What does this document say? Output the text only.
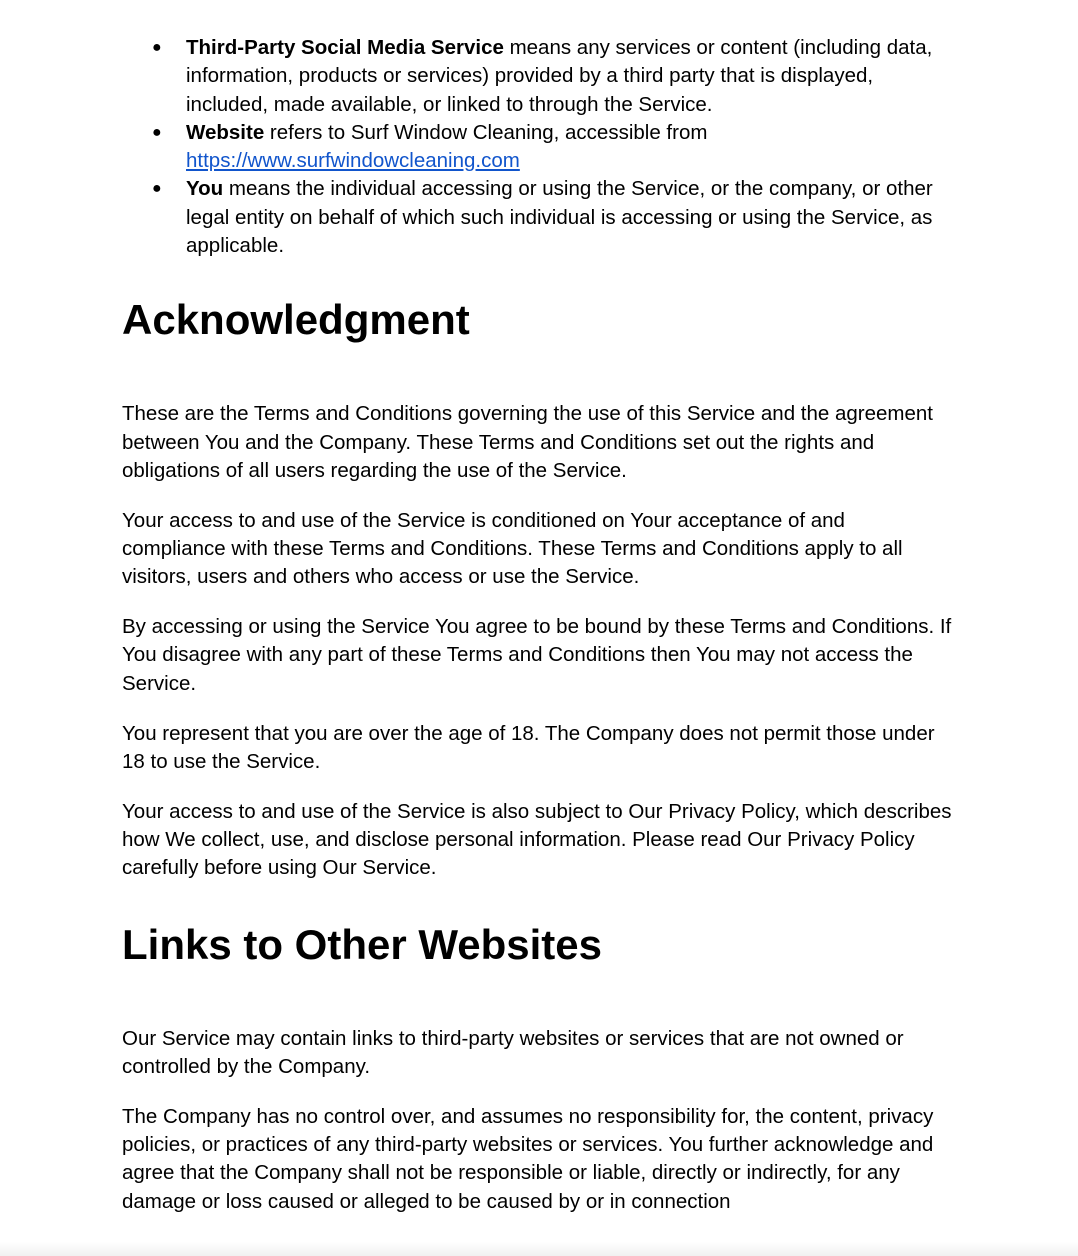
● Third-Party Social Media Service means any services or content (including data, information, products or services) provided by a third party that is displayed, included, made available, or linked to through the Service.
● Website refers to Surf Window Cleaning, accessible from https://www.surfwindowcleaning.com
● You means the individual accessing or using the Service, or the company, or other legal entity on behalf of which such individual is accessing or using the Service, as applicable.
Acknowledgment

These are the Terms and Conditions governing the use of this Service and the agreement between You and the Company. These Terms and Conditions set out the rights and obligations of all users regarding the use of the Service.

Your access to and use of the Service is conditioned on Your acceptance of and compliance with these Terms and Conditions. These Terms and Conditions apply to all visitors, users and others who access or use the Service.

By accessing or using the Service You agree to be bound by these Terms and Conditions. If You disagree with any part of these Terms and Conditions then You may not access the Service.

You represent that you are over the age of 18. The Company does not permit those under 18 to use the Service.

Your access to and use of the Service is also subject to Our Privacy Policy, which describes how We collect, use, and disclose personal information. Please read Our Privacy Policy carefully before using Our Service.

Links to Other Websites

Our Service may contain links to third-party websites or services that are not owned or controlled by the Company.

The Company has no control over, and assumes no responsibility for, the content, privacy policies, or practices of any third-party websites or services. You further acknowledge and agree that the Company shall not be responsible or liable, directly or indirectly, for any damage or loss caused or alleged to be caused by or in connection
